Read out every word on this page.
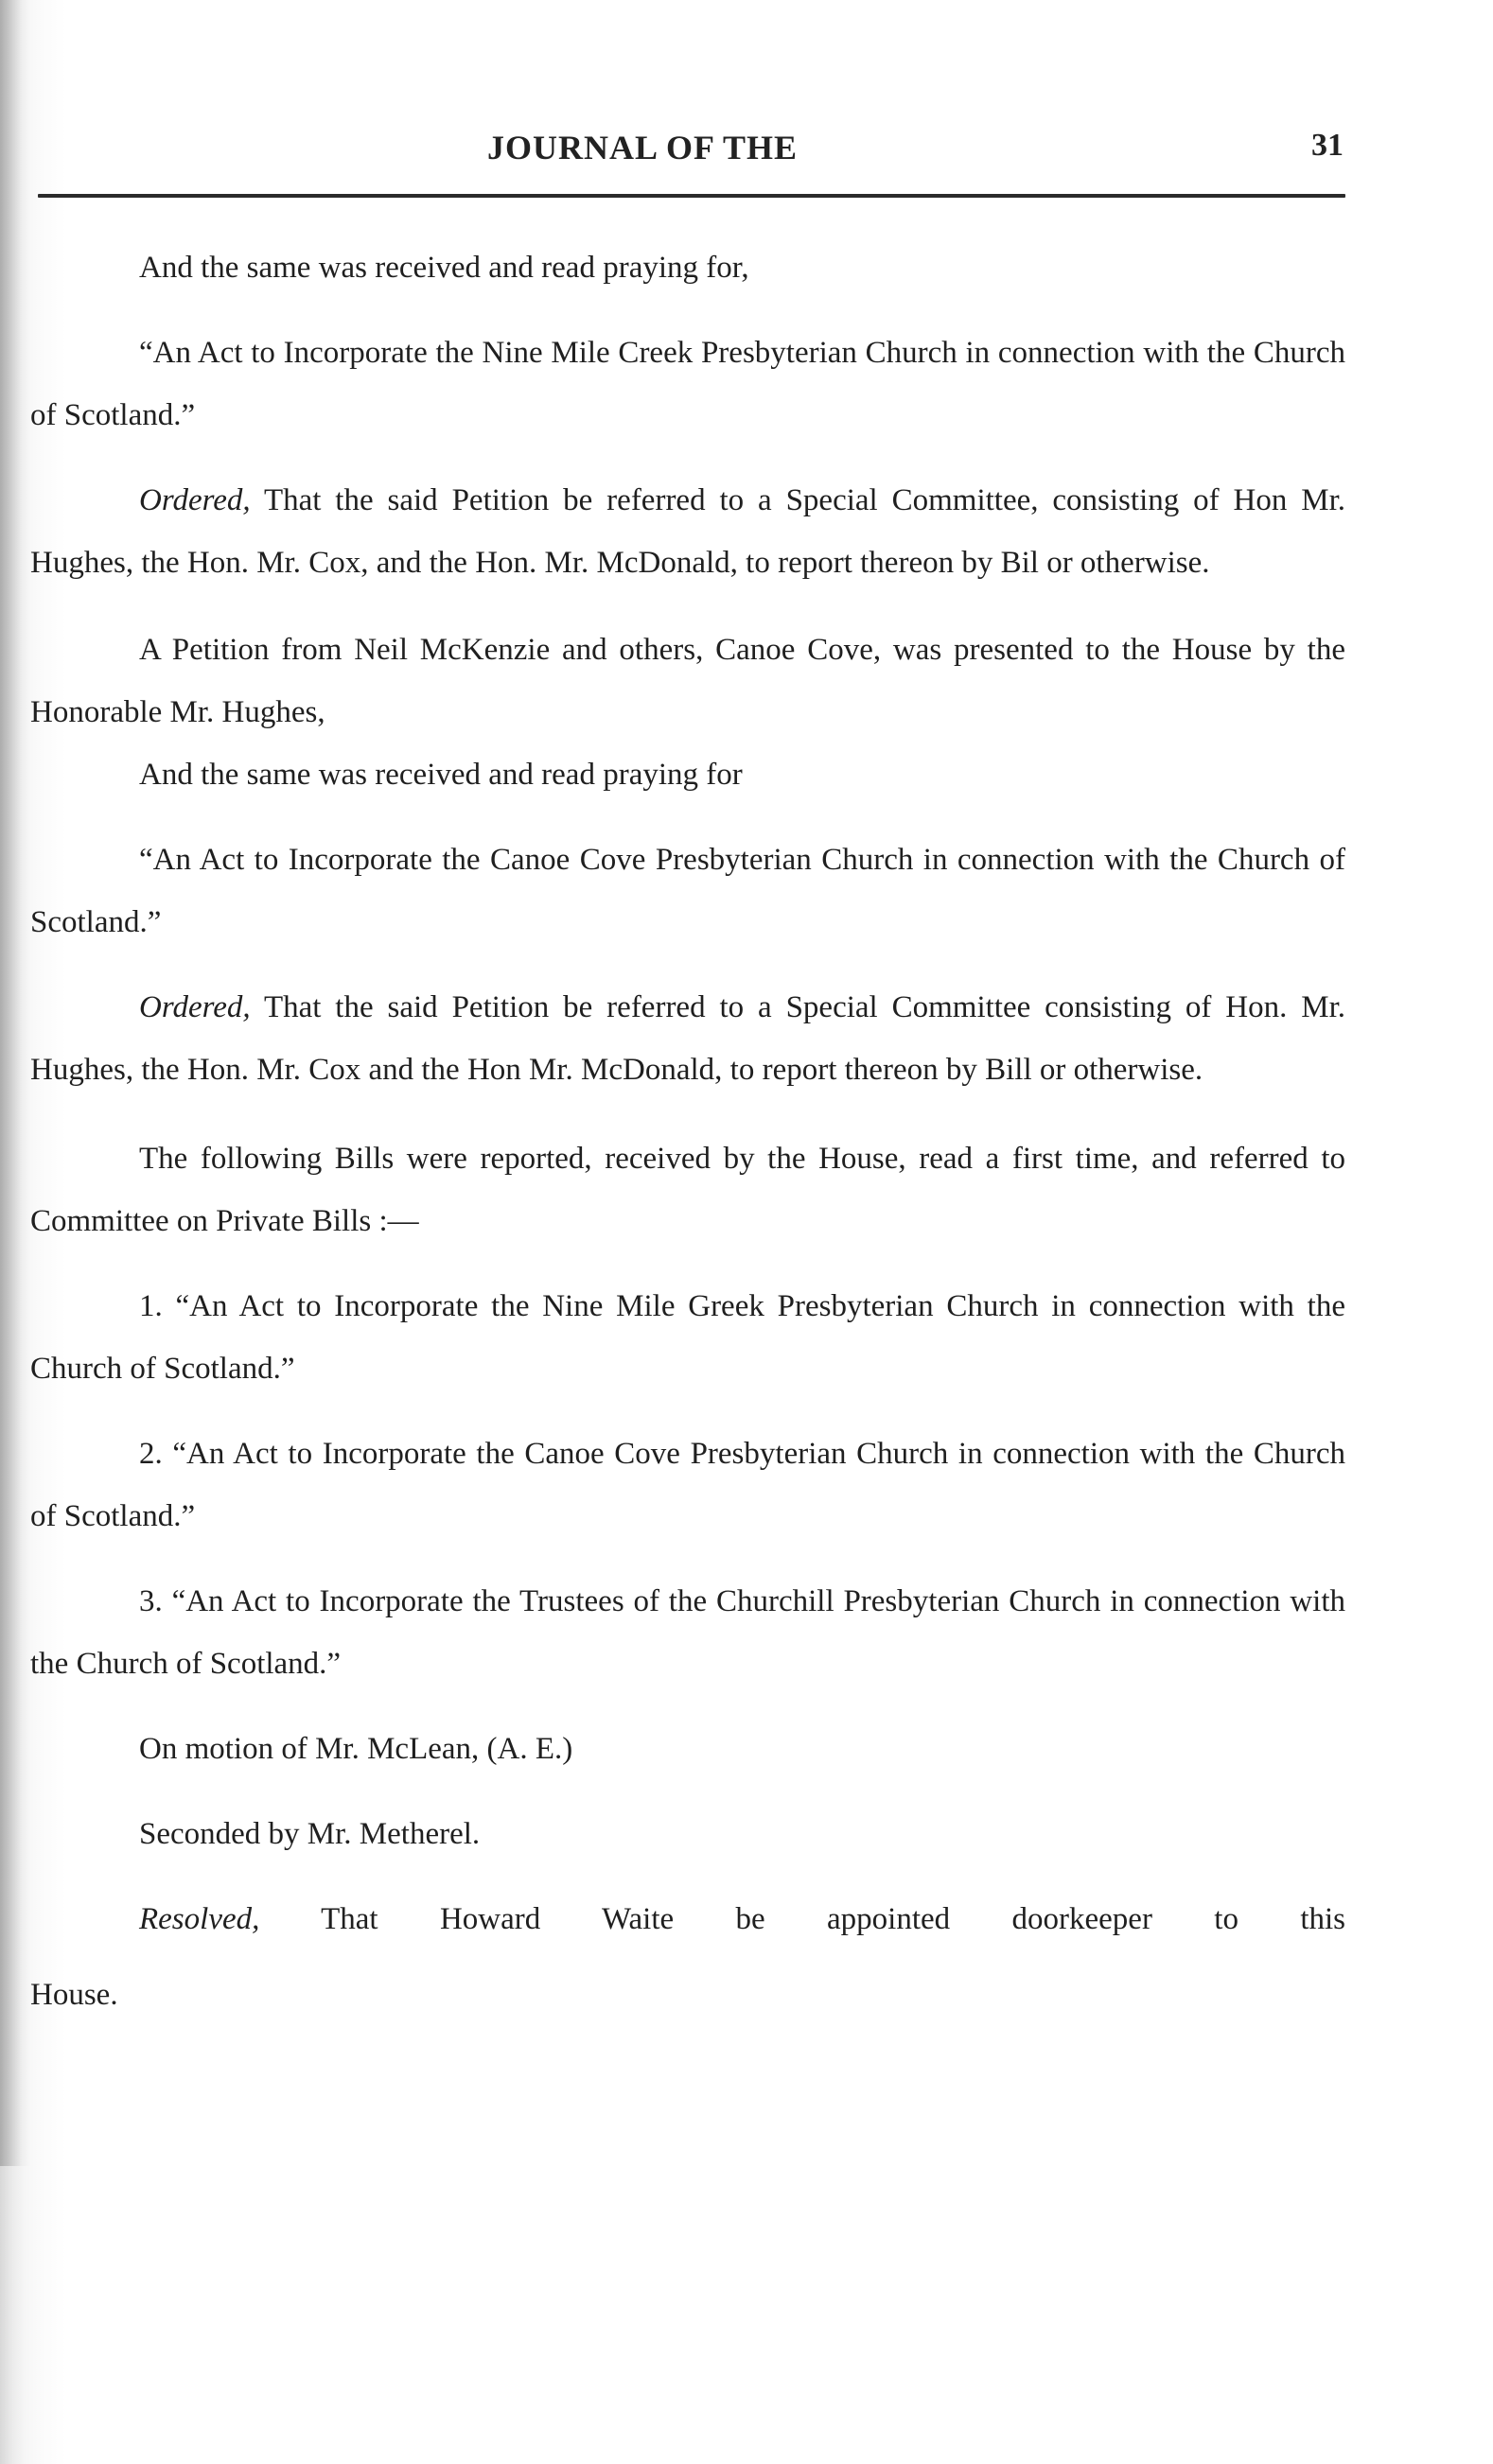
JOURNAL OF THE	31

And the same was received and read praying for,

“An Act to Incorporate the Nine Mile Creek Presbyterian Church in connection with the Church of Scotland.”

Ordered, That the said Petition be referred to a Special Committee, consisting of Hon Mr. Hughes, the Hon. Mr. Cox, and the Hon. Mr. McDonald, to report thereon by Bil or otherwise.

A Petition from Neil McKenzie and others, Canoe Cove, was presented to the House by the Honorable Mr. Hughes,

And the same was received and read praying for

“An Act to Incorporate the Canoe Cove Presbyterian Church in connection with the Church of Scotland.”

Ordered, That the said Petition be referred to a Special Committee consisting of Hon. Mr. Hughes, the Hon. Mr. Cox and the Hon Mr. McDonald, to report thereon by Bill or otherwise.

The following Bills were reported, received by the House, read a first time, and referred to Committee on Private Bills :—

1. “An Act to Incorporate the Nine Mile Greek Presbyterian Church in connection with the Church of Scotland.”

2. “An Act to Incorporate the Canoe Cove Presbyterian Church in connection with the Church of Scotland.”

3. “An Act to Incorporate the Trustees of the Churchill Presbyterian Church in connection with the Church of Scotland.”

On motion of Mr. McLean, (A. E.)

Seconded by Mr. Metherel.

Resolved, That Howard Waite be appointed doorkeeper to this

House.
